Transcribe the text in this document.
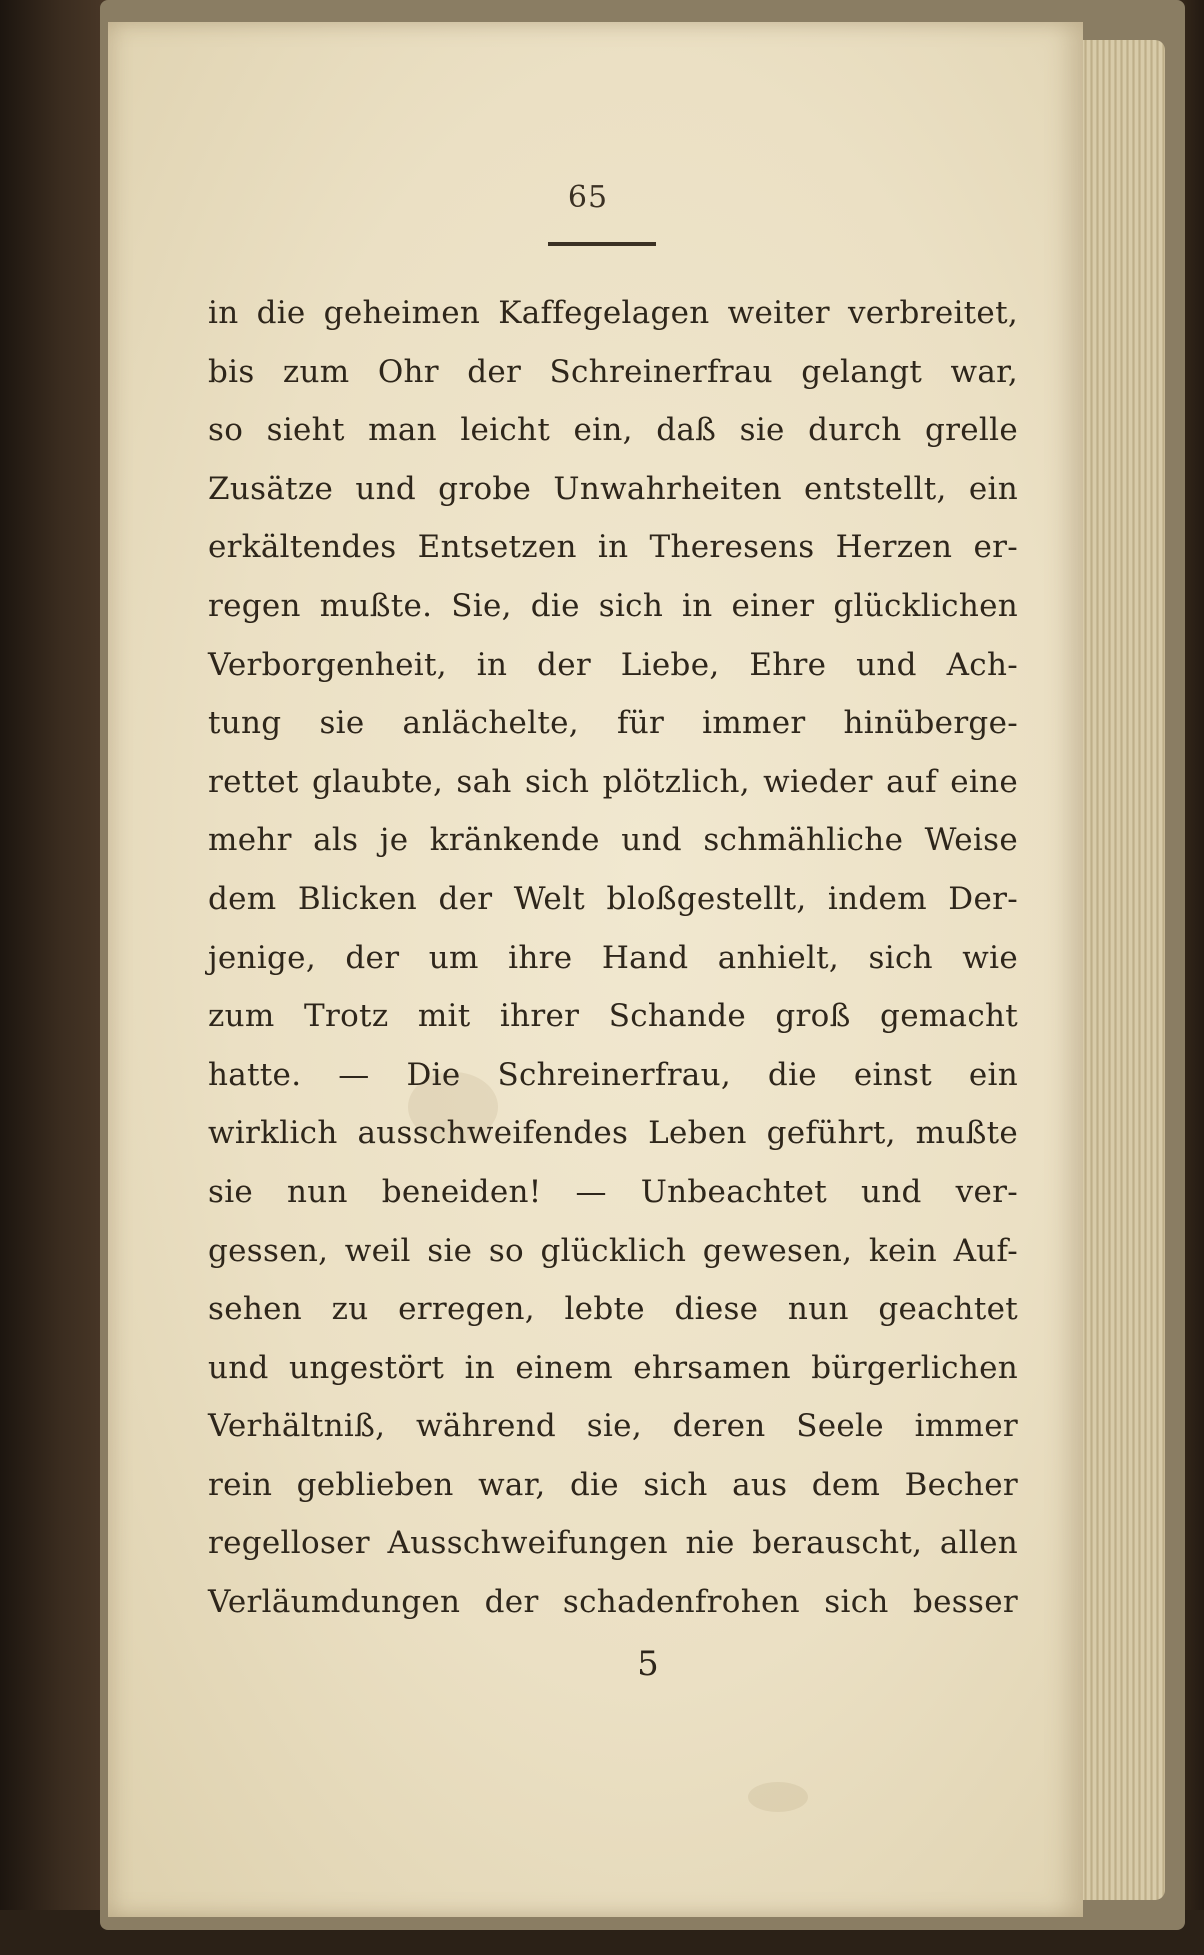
65
in die geheimen Kaffegelagen weiter verbreitet,
bis zum Ohr der Schreinerfrau gelangt war,
so sieht man leicht ein, daß sie durch grelle
Zusätze und grobe Unwahrheiten entstellt, ein
erkältendes Entsetzen in Theresens Herzen er-
regen mußte. Sie, die sich in einer glücklichen
Verborgenheit, in der Liebe, Ehre und Ach-
tung sie anlächelte, für immer hinüberge-
rettet glaubte, sah sich plötzlich, wieder auf eine
mehr als je kränkende und schmähliche Weise
dem Blicken der Welt bloßgestellt, indem Der-
jenige, der um ihre Hand anhielt, sich wie
zum Trotz mit ihrer Schande groß gemacht
hatte. — Die Schreinerfrau, die einst ein
wirklich ausschweifendes Leben geführt, mußte
sie nun beneiden! — Unbeachtet und ver-
gessen, weil sie so glücklich gewesen, kein Auf-
sehen zu erregen, lebte diese nun geachtet
und ungestört in einem ehrsamen bürgerlichen
Verhältniß, während sie, deren Seele immer
rein geblieben war, die sich aus dem Becher
regelloser Ausschweifungen nie berauscht, allen
Verläumdungen der schadenfrohen sich besser
5
